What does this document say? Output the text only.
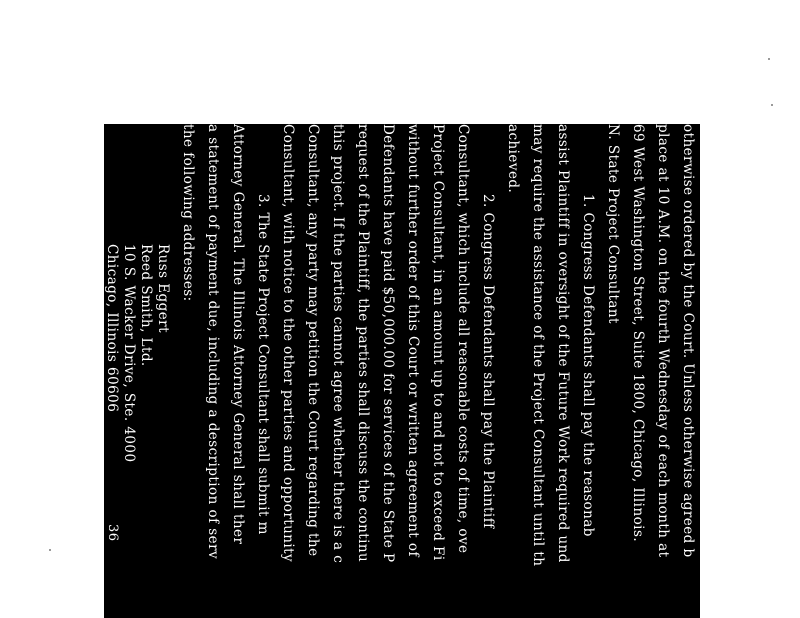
otherwise ordered by the Court. Unless otherwise agreed b
place at 10 A.M. on the fourth Wednesday of each month at
69 West Washington Street, Suite 1800, Chicago, Illinois.
N. State Project Consultant
1. Congress Defendants shall pay the reasonab
assist Plaintiff in oversight of the Future Work required und
may require the assistance of the Project Consultant until th
achieved.
2. Congress Defendants shall pay the Plaintiff
Consultant, which include all reasonable costs of time, ove
Project Consultant, in an amount up to and not to exceed Fi
without further order of this Court or written agreement of
Defendants have paid $50,000.00 for services of the State P
request of the Plaintiff, the parties shall discuss the continu
this project. If the parties cannot agree whether there is a c
Consultant, any party may petition the Court regarding the
Consultant, with notice to the other parties and opportunity
3. The State Project Consultant shall submit m
Attorney General. The Illinois Attorney General shall ther
a statement of payment due, including a description of serv
the following addresses:
Russ Eggert
Reed Smith, Ltd.
10 S. Wacker Drive, Ste. 4000
Chicago, Illinois 60606
36
